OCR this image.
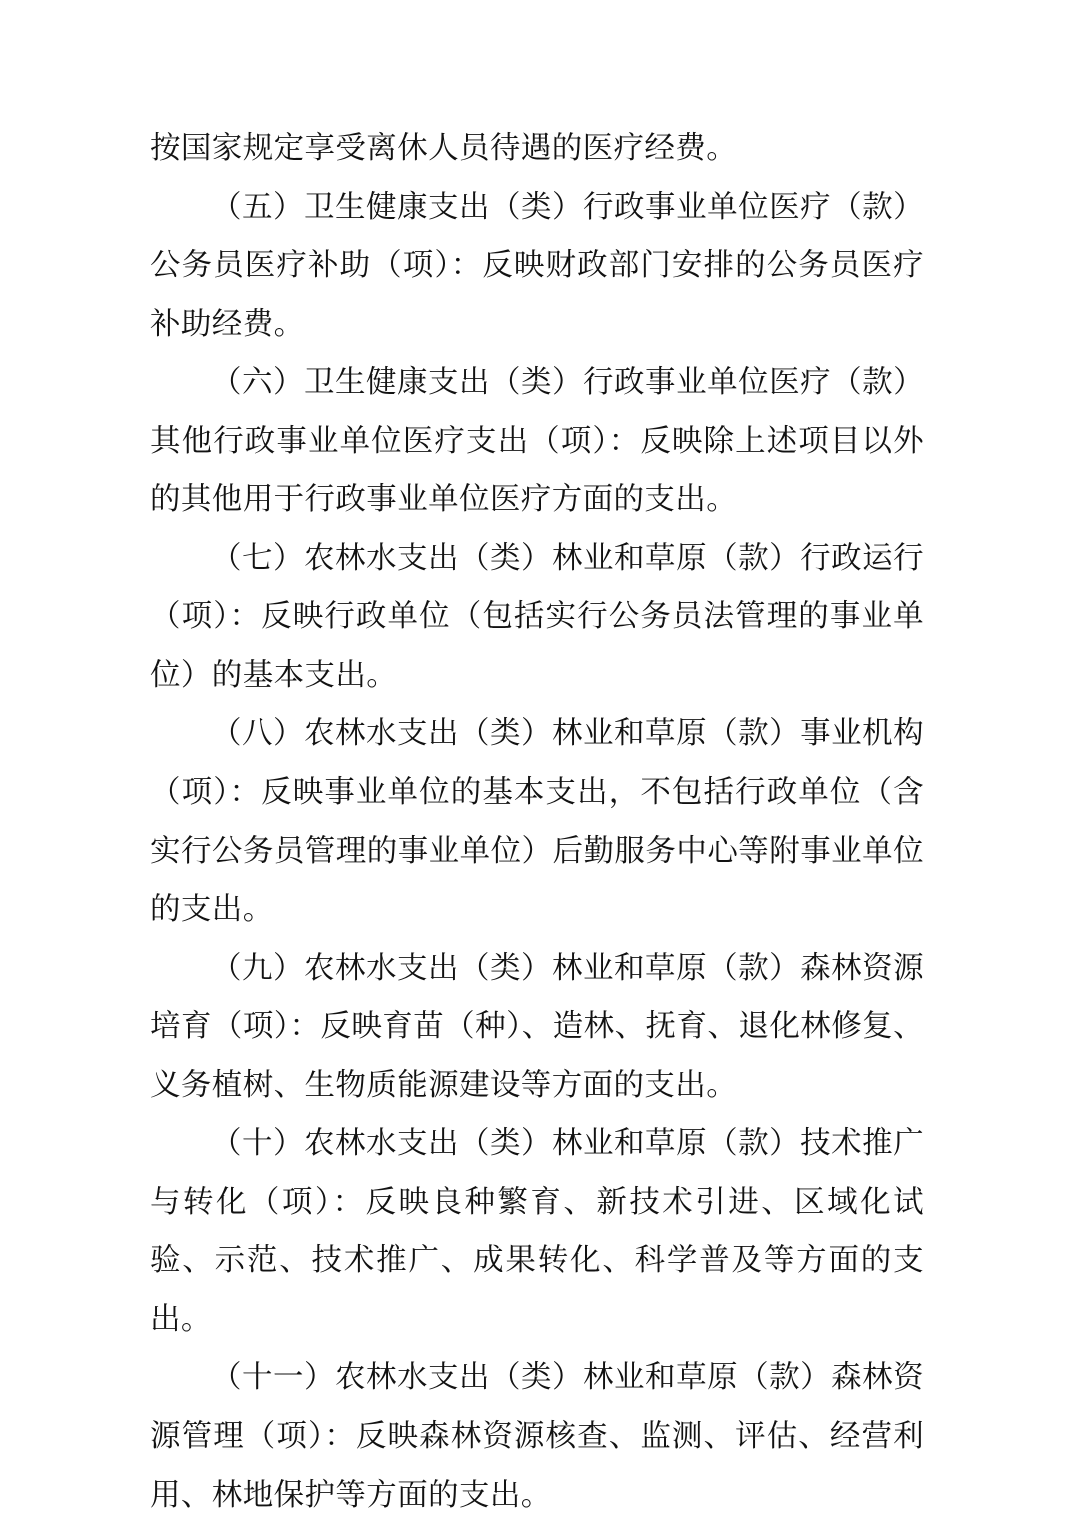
按国家规定享受离休人员待遇的医疗经费。

（五）卫生健康支出（类）行政事业单位医疗（款）公务员医疗补助（项）：反映财政部门安排的公务员医疗补助经费。

（六）卫生健康支出（类）行政事业单位医疗（款）其他行政事业单位医疗支出（项）：反映除上述项目以外的其他用于行政事业单位医疗方面的支出。

（七）农林水支出（类）林业和草原（款）行政运行（项）：反映行政单位（包括实行公务员法管理的事业单位）的基本支出。

（八）农林水支出（类）林业和草原（款）事业机构（项）：反映事业单位的基本支出，不包括行政单位（含实行公务员管理的事业单位）后勤服务中心等附事业单位的支出。

（九）农林水支出（类）林业和草原（款）森林资源培育（项）：反映育苗（种）、造林、抚育、退化林修复、义务植树、生物质能源建设等方面的支出。

（十）农林水支出（类）林业和草原（款）技术推广与转化（项）：反映良种繁育、新技术引进、区域化试验、示范、技术推广、成果转化、科学普及等方面的支出。

（十一）农林水支出（类）林业和草原（款）森林资源管理（项）：反映森林资源核查、监测、评估、经营利用、林地保护等方面的支出。
